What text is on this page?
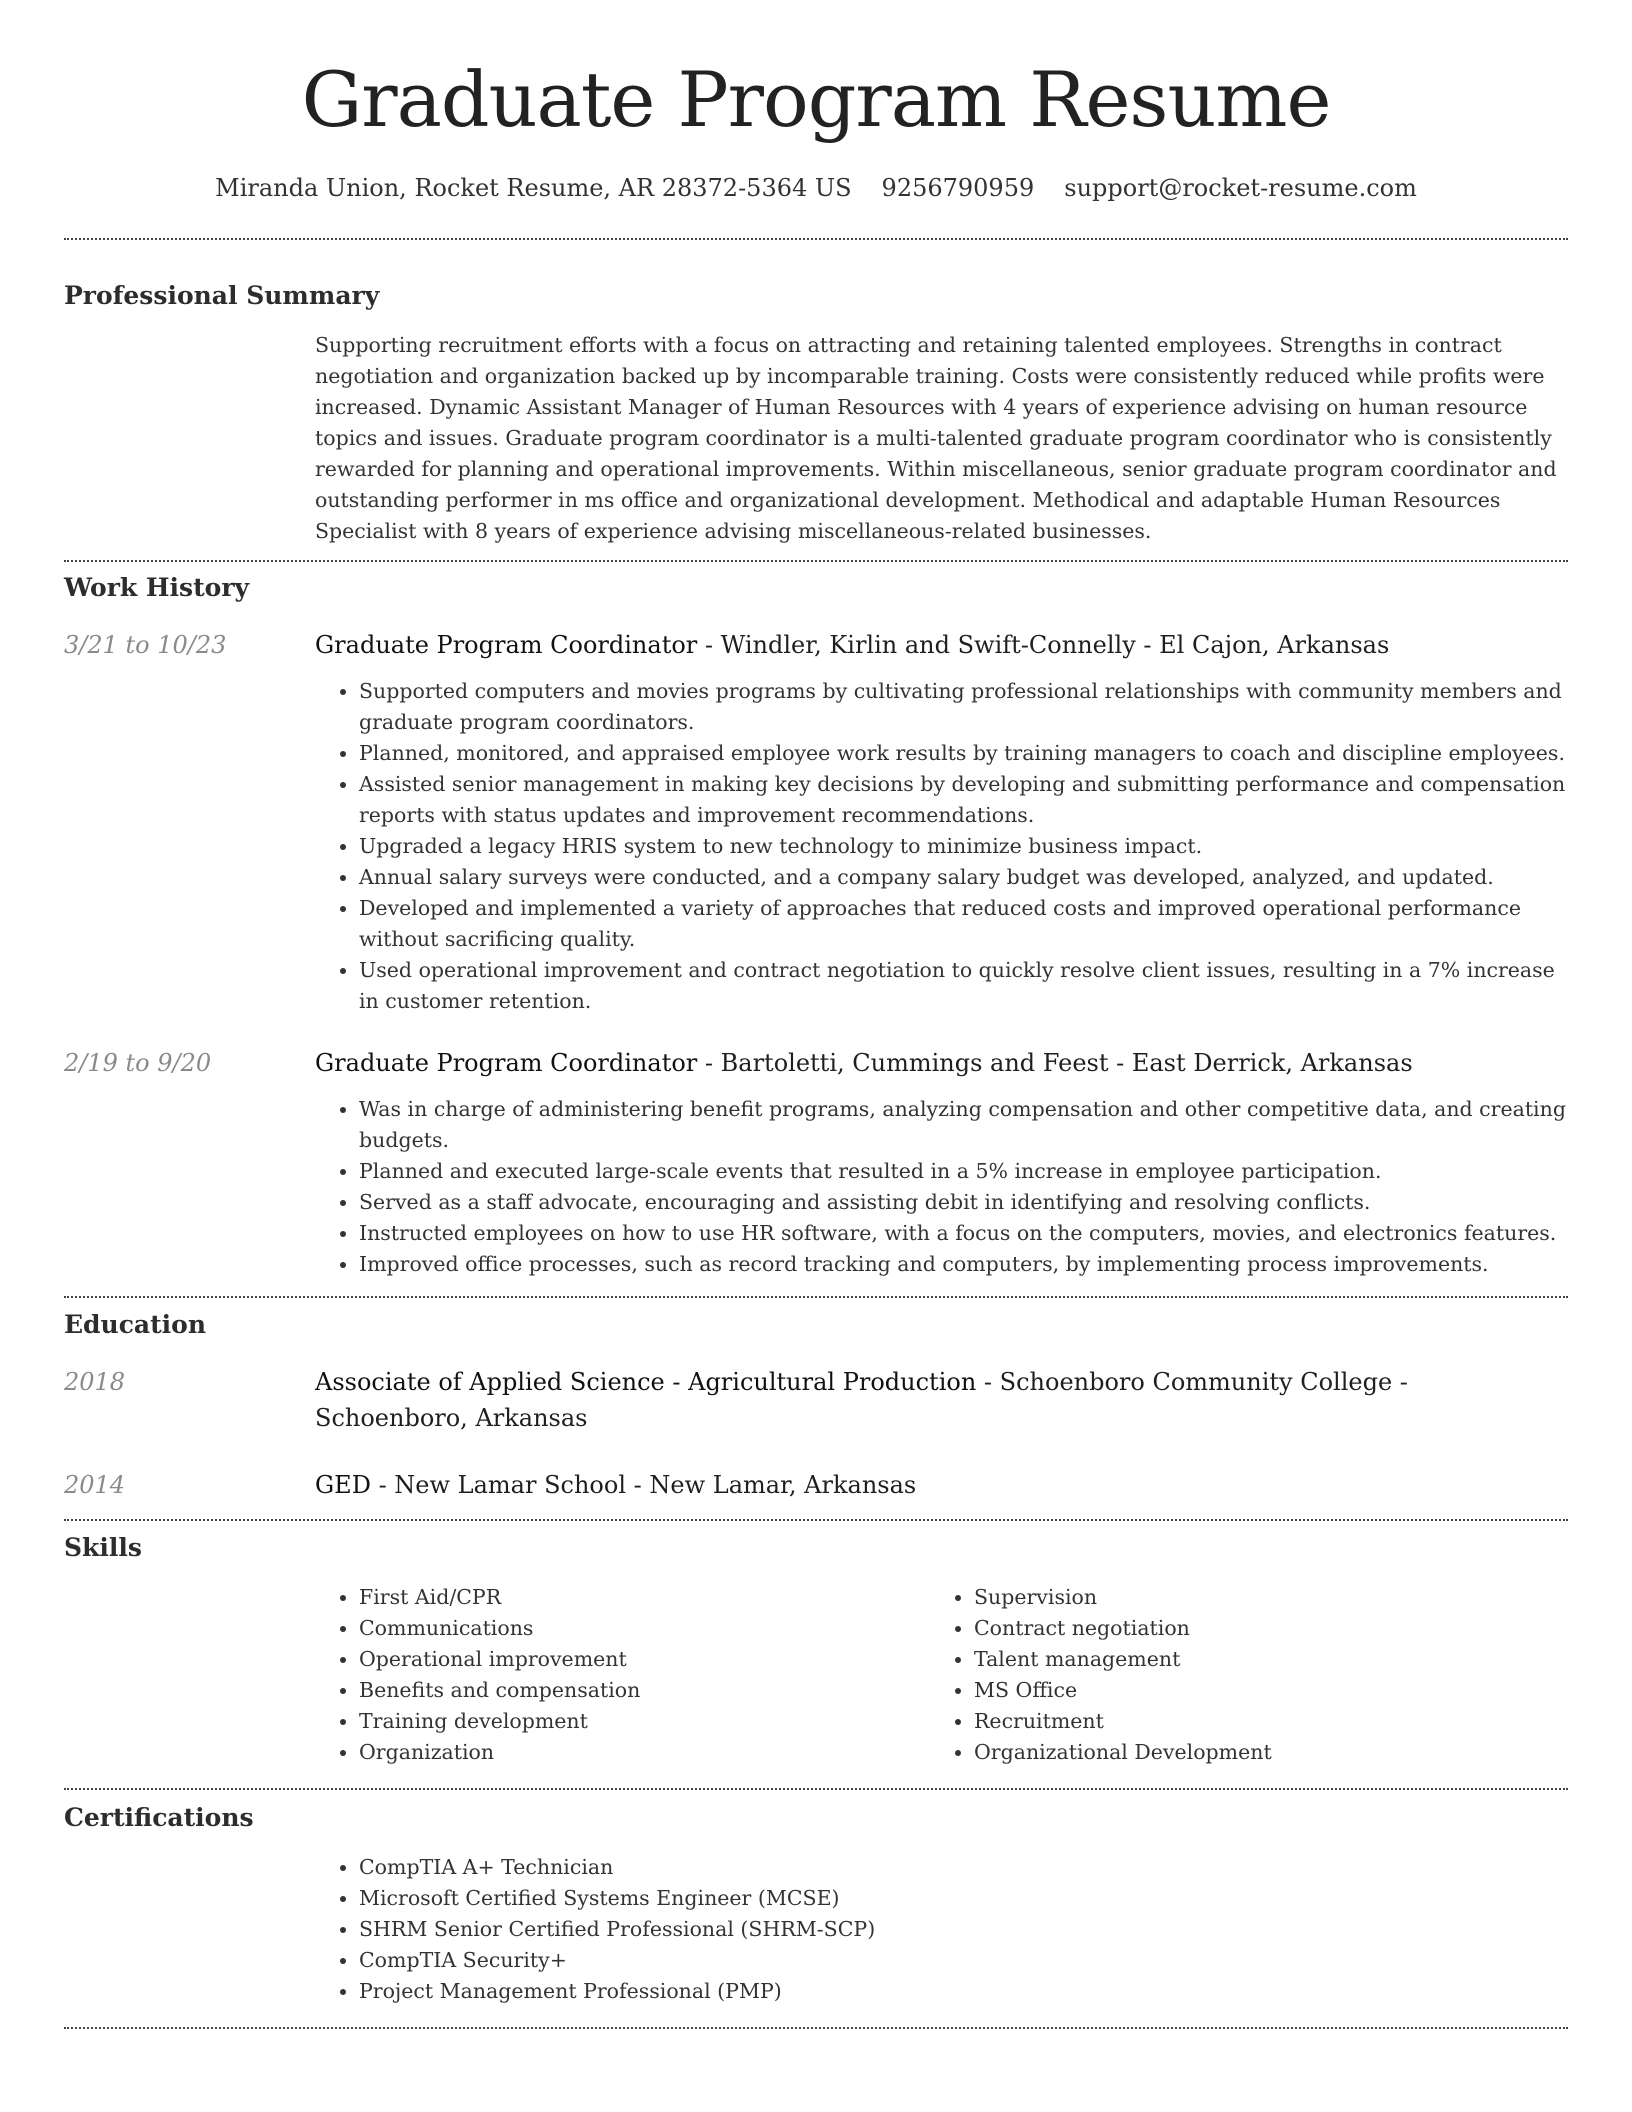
Graduate Program Resume
Miranda Union, Rocket Resume, AR 28372-5364 US 9256790959 support@rocket-resume.com
Professional Summary
Supporting recruitment efforts with a focus on attracting and retaining talented employees. Strengths in contract negotiation and organization backed up by incomparable training. Costs were consistently reduced while profits were increased. Dynamic Assistant Manager of Human Resources with 4 years of experience advising on human resource topics and issues. Graduate program coordinator is a multi-talented graduate program coordinator who is consistently rewarded for planning and operational improvements. Within miscellaneous, senior graduate program coordinator and outstanding performer in ms office and organizational development. Methodical and adaptable Human Resources Specialist with 8 years of experience advising miscellaneous-related businesses.
Work History
3/21 to 10/23	Graduate Program Coordinator - Windler, Kirlin and Swift-Connelly - El Cajon, Arkansas
• Supported computers and movies programs by cultivating professional relationships with community members and graduate program coordinators.
• Planned, monitored, and appraised employee work results by training managers to coach and discipline employees.
• Assisted senior management in making key decisions by developing and submitting performance and compensation reports with status updates and improvement recommendations.
• Upgraded a legacy HRIS system to new technology to minimize business impact.
• Annual salary surveys were conducted, and a company salary budget was developed, analyzed, and updated.
• Developed and implemented a variety of approaches that reduced costs and improved operational performance without sacrificing quality.
• Used operational improvement and contract negotiation to quickly resolve client issues, resulting in a 7% increase in customer retention.
2/19 to 9/20	Graduate Program Coordinator - Bartoletti, Cummings and Feest - East Derrick, Arkansas
• Was in charge of administering benefit programs, analyzing compensation and other competitive data, and creating budgets.
• Planned and executed large-scale events that resulted in a 5% increase in employee participation.
• Served as a staff advocate, encouraging and assisting debit in identifying and resolving conflicts.
• Instructed employees on how to use HR software, with a focus on the computers, movies, and electronics features.
• Improved office processes, such as record tracking and computers, by implementing process improvements.
Education
2018	Associate of Applied Science - Agricultural Production - Schoenboro Community College - Schoenboro, Arkansas
2014	GED - New Lamar School - New Lamar, Arkansas
Skills
• First Aid/CPR
• Communications
• Operational improvement
• Benefits and compensation
• Training development
• Organization
• Supervision
• Contract negotiation
• Talent management
• MS Office
• Recruitment
• Organizational Development
Certifications
• CompTIA A+ Technician
• Microsoft Certified Systems Engineer (MCSE)
• SHRM Senior Certified Professional (SHRM-SCP)
• CompTIA Security+
• Project Management Professional (PMP)
